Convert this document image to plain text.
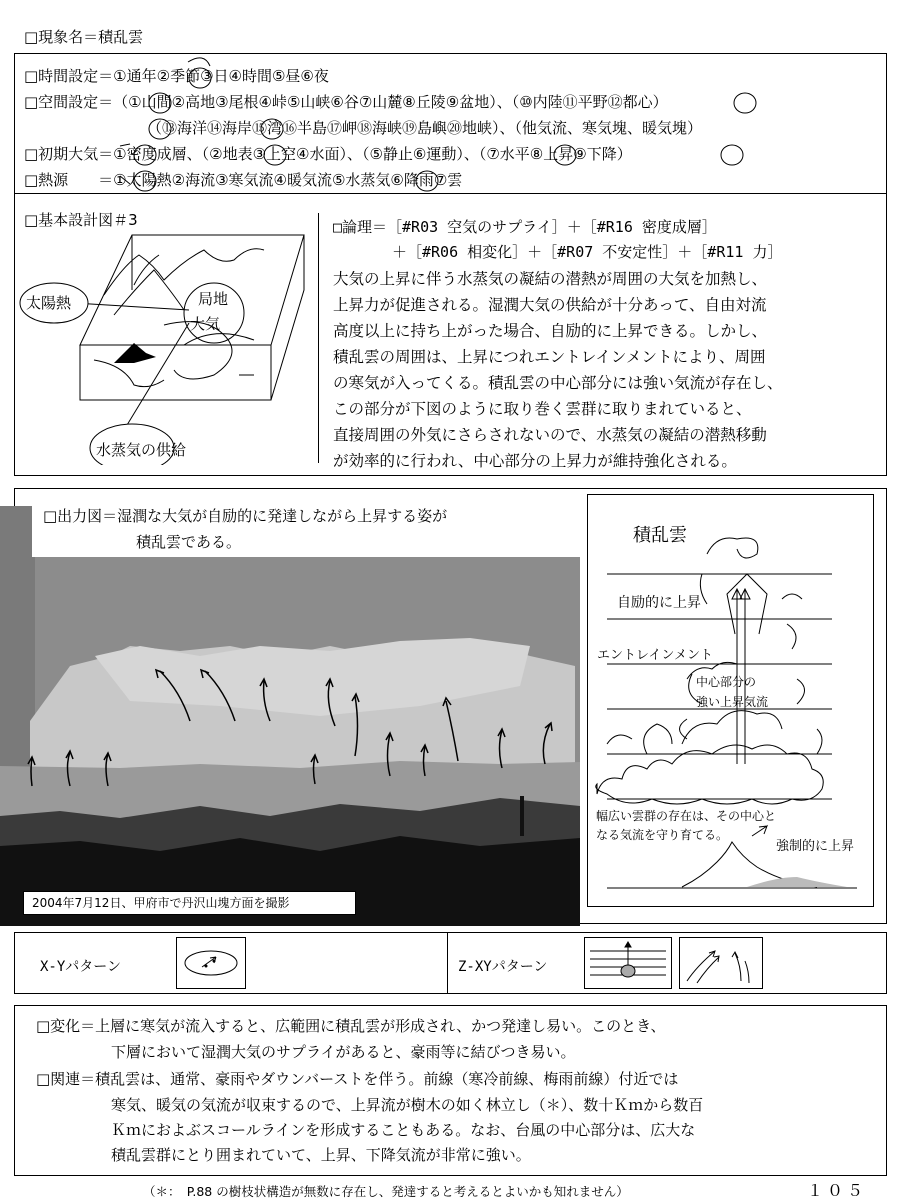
□現象名＝積乱雲
□時間設定＝①通年②季節③日④時間⑤昼⑥夜
□空間設定＝（①山間②高地③尾根④峠⑤山峡⑥谷⑦山麓⑧丘陵⑨盆地）、（⑩内陸⑪平野⑫都心）
（⑬海洋⑭海岸⑮湾⑯半島⑰岬⑱海峡⑲島嶼⑳地峡）、（他気流、寒気塊、暖気塊）
□初期大気＝①密度成層、（②地表③上空④水面）、（⑤静止⑥運動）、（⑦水平⑧上昇⑨下降）
□熱源　　＝①太陽熱②海流③寒気流④暖気流⑤水蒸気⑥降雨⑦雲
□基本設計図＃3
太陽熱	局地
大気
水蒸気の供給
□論理＝［#R03 空気のサプライ］＋［#R16 密度成層］
＋［#R06 相変化］＋［#R07 不安定性］＋［#R11 力］
大気の上昇に伴う水蒸気の凝結の潜熱が周囲の大気を加熱し、
上昇力が促進される。湿潤大気の供給が十分あって、自由対流
高度以上に持ち上がった場合、自励的に上昇できる。しかし、
積乱雲の周囲は、上昇につれエントレインメントにより、周囲
の寒気が入ってくる。積乱雲の中心部分には強い気流が存在し、
この部分が下図のように取り巻く雲群に取りまれていると、
直接周囲の外気にさらされないので、水蒸気の凝結の潜熱移動
が効率的に行われ、中心部分の上昇力が維持強化される。
□出力図＝湿潤な大気が自励的に発達しながら上昇する姿が
積乱雲である。
2004年7月12日、甲府市で丹沢山塊方面を撮影
積乱雲
自励的に上昇
エントレインメント
中心部分の
強い上昇気流
幅広い雲群の存在は、その中心と
なる気流を守り育てる。
強制的に上昇
X-Yパターン	Z-XYパターン
□変化＝上層に寒気が流入すると、広範囲に積乱雲が形成され、かつ発達し易い。このとき、
下層において湿潤大気のサプライがあると、豪雨等に結びつき易い。
□関連＝積乱雲は、通常、豪雨やダウンバーストを伴う。前線（寒冷前線、梅雨前線）付近では
寒気、暖気の気流が収束するので、上昇流が樹木の如く林立し（＊）、数十Ｋｍから数百
Ｋｍにおよぶスコールラインを形成することもある。なお、台風の中心部分は、広大な
積乱雲群にとり囲まれていて、上昇、下降気流が非常に強い。
（＊：　P.88 の樹枝状構造が無数に存在し、発達すると考えるとよいかも知れません）	１０５
